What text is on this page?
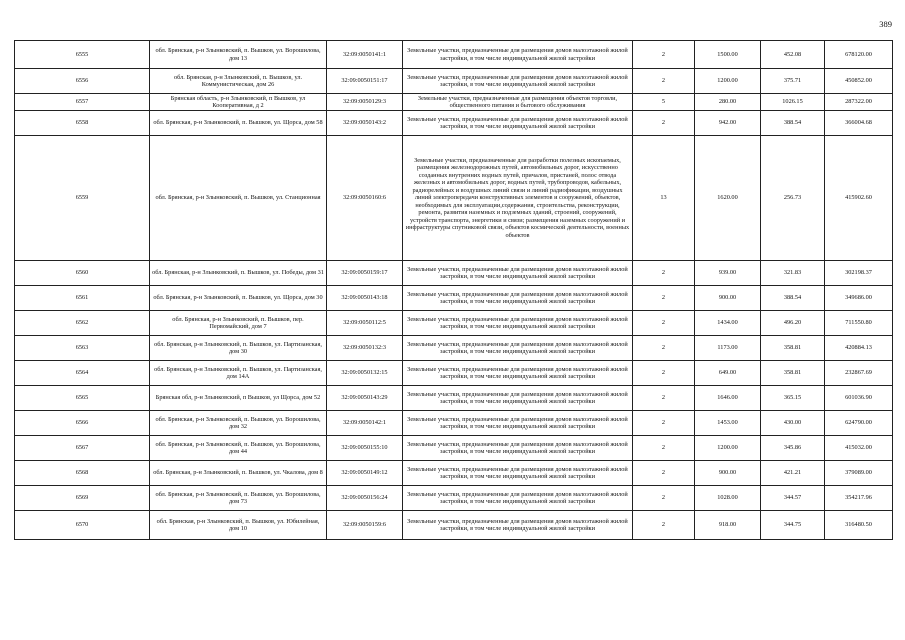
389
6555	обл. Брянская, р-н Злынковский, п. Вышков, ул. Ворошилова, дом 13	32:09:0050141:1	Земельные участки, предназначенные для размещения домов малоэтажной жилой застройки, в том числе индивидуальной жилой застройки	2	1500.00	452.08	678120.00
6556	обл. Брянская, р-н Злынковский, п. Вышков, ул. Коммунистическая, дом 26	32:09:0050151:17	Земельные участки, предназначенные для размещения домов малоэтажной жилой застройки, в том числе индивидуальной жилой застройки	2	1200.00	375.71	450852.00
6557	Брянская область, р-н Злынковский, п Вышков, ул Кооперативная, д 2	32:09:0050129:3	Земельные участки, предназначенные для размещения объектов торговли, общественного питания и бытового обслуживания	5	280.00	1026.15	287322.00
6558	обл. Брянская, р-н Злынковский, п. Вышков, ул. Щорса, дом 58	32:09:0050143:2	Земельные участки, предназначенные для размещения домов малоэтажной жилой застройки, в том числе индивидуальной жилой застройки	2	942.00	388.54	366004.68
6559	обл. Брянская, р-н Злынковский, п. Вышков, ул. Станционная	32:09:0050160:6	Земельные участки, предназначенные для разработки полезных ископаемых, размещения железнодорожных путей, автомобильных дорог, искусственно созданных внутренних водных путей, причалов, пристаней, полос отвода железных и автомобильных дорог, водных путей, трубопроводов, кабельных, радиорелейных и воздушных линий связи и линий радиофикации, воздушных линий электропередачи конструктивных элементов и сооружений, объектов, необходимых для эксплуатации,содержания, строительства, реконструкции, ремонта, развития наземных и подземных зданий, строений, сооружений, устройств транспорта, энергетики и связи; размещения наземных сооружений и инфраструктуры спутниковой связи, объектов космической деятельности, военных объектов	13	1620.00	256.73	415902.60
6560	обл. Брянская, р-н Злынковский, п. Вышков, ул. Победы, дом 31	32:09:0050159:17	Земельные участки, предназначенные для размещения домов малоэтажной жилой застройки, в том числе индивидуальной жилой застройки	2	939.00	321.83	302198.37
6561	обл. Брянская, р-н Злынковский, п. Вышков, ул. Щорса, дом 30	32:09:0050143:18	Земельные участки, предназначенные для размещения домов малоэтажной жилой застройки, в том числе индивидуальной жилой застройки	2	900.00	388.54	349686.00
6562	обл. Брянская, р-н Злынковский, п. Вышков, пер. Первомайский, дом 7	32:09:0050112:5	Земельные участки, предназначенные для размещения домов малоэтажной жилой застройки, в том числе индивидуальной жилой застройки	2	1434.00	496.20	711550.80
6563	обл. Брянская, р-н Злынковский, п. Вышков, ул. Партизанская, дом 30	32:09:0050132:3	Земельные участки, предназначенные для размещения домов малоэтажной жилой застройки, в том числе индивидуальной жилой застройки	2	1173.00	358.81	420884.13
6564	обл. Брянская, р-н Злынковский, п. Вышков, ул. Партизанская, дом 14А	32:09:0050132:15	Земельные участки, предназначенные для размещения домов малоэтажной жилой застройки, в том числе индивидуальной жилой застройки	2	649.00	358.81	232867.69
6565	Брянская обл, р-н Злынковский, п Вышков, ул Щорса, дом 52	32:09:0050143:29	Земельные участки, предназначенные для размещения домов малоэтажной жилой застройки, в том числе индивидуальной жилой застройки	2	1646.00	365.15	601036.90
6566	обл. Брянская, р-н Злынковский, п. Вышков, ул. Ворошилова, дом 32	32:09:0050142:1	Земельные участки, предназначенные для размещения домов малоэтажной жилой застройки, в том числе индивидуальной жилой застройки	2	1453.00	430.00	624790.00
6567	обл. Брянская, р-н Злынковский, п. Вышков, ул. Ворошилова, дом 44	32:09:0050155:10	Земельные участки, предназначенные для размещения домов малоэтажной жилой застройки, в том числе индивидуальной жилой застройки	2	1200.00	345.86	415032.00
6568	обл. Брянская, р-н Злынковский, п. Вышков, ул. Чкалова, дом 8	32:09:0050149:12	Земельные участки, предназначенные для размещения домов малоэтажной жилой застройки, в том числе индивидуальной жилой застройки	2	900.00	421.21	379089.00
6569	обл. Брянская, р-н Злынковский, п. Вышков, ул. Ворошилова, дом 73	32:09:0050156:24	Земельные участки, предназначенные для размещения домов малоэтажной жилой застройки, в том числе индивидуальной жилой застройки	2	1028.00	344.57	354217.96
6570	обл. Брянская, р-н Злынковский, п. Вышков, ул. Юбилейная, дом 10	32:09:0050159:6	Земельные участки, предназначенные для размещения домов малоэтажной жилой застройки, в том числе индивидуальной жилой застройки	2	918.00	344.75	316480.50
